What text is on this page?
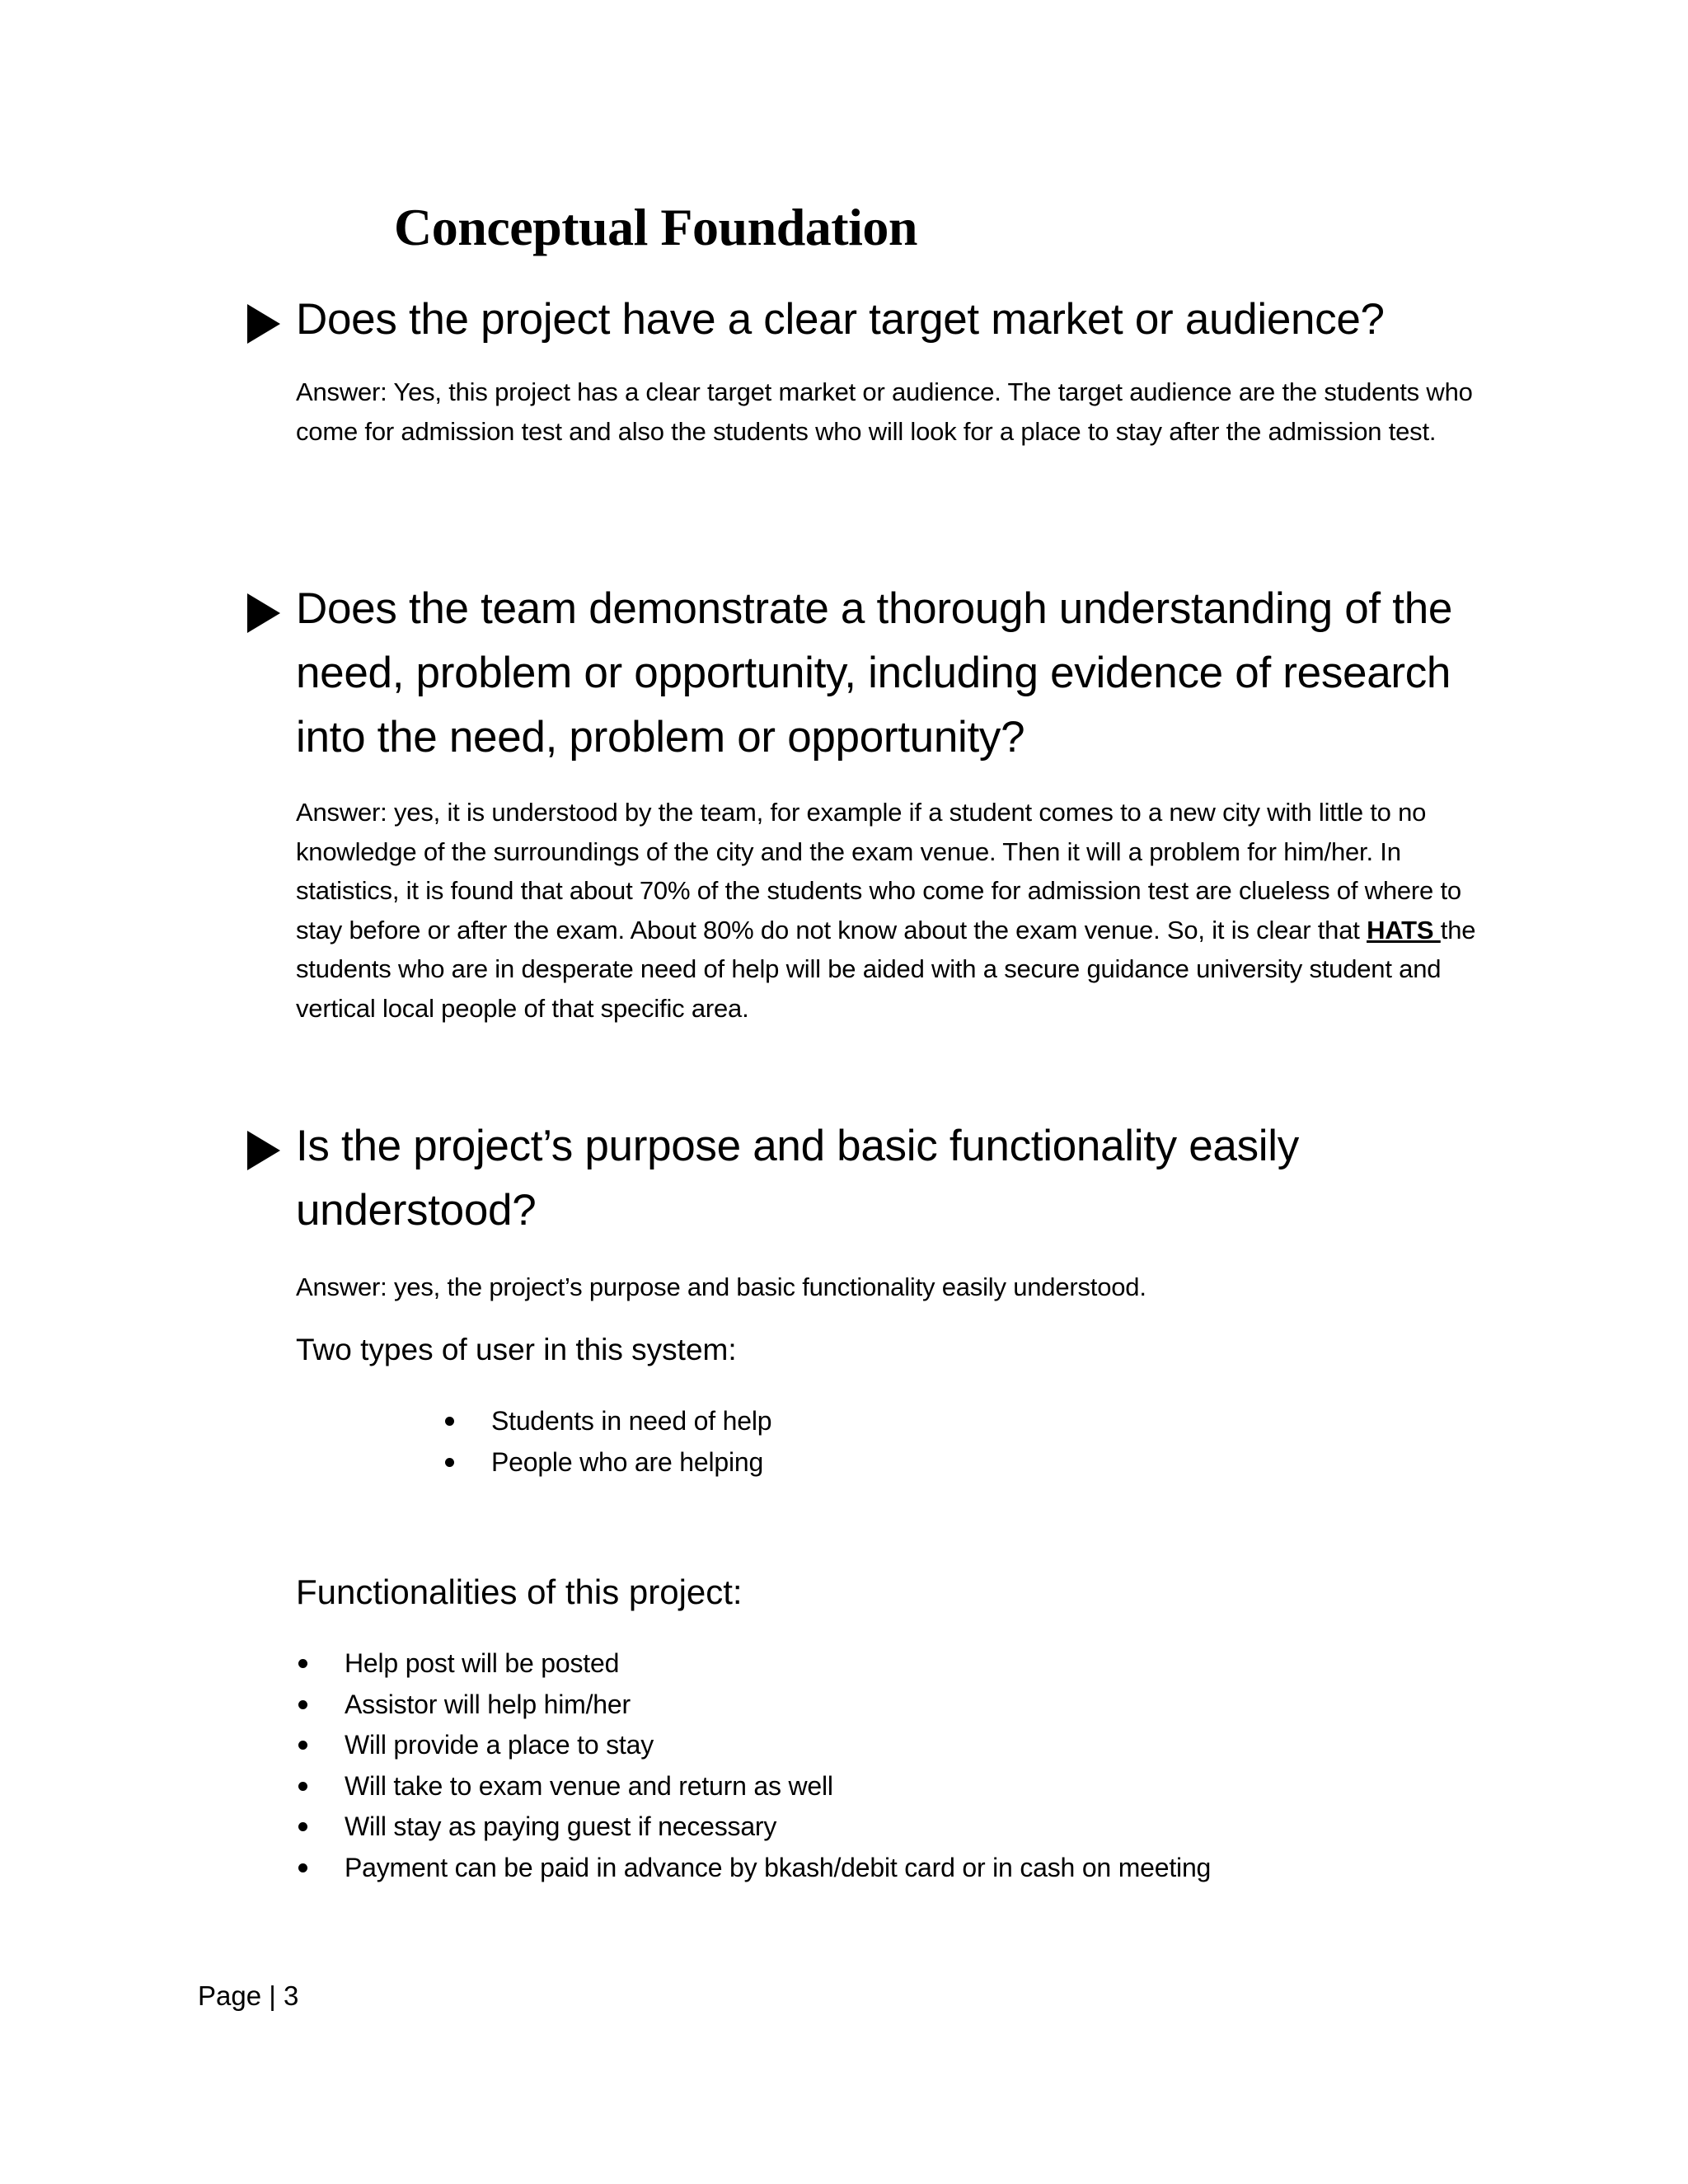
Conceptual Foundation
Does the project have a clear target market or audience?
Answer: Yes, this project has a clear target market or audience. The target audience are the students who come for admission test and also the students who will look for a place to stay after the admission test.
Does the team demonstrate a thorough understanding of the need, problem or opportunity, including evidence of research into the need, problem or opportunity?
Answer: yes, it is understood by the team, for example if a student comes to a new city with little to no knowledge of the surroundings of the city and the exam venue. Then it will a problem for him/her. In statistics, it is found that about 70% of the students who come for admission test are clueless of where to stay before or after the exam. About 80% do not know about the exam venue. So, it is clear that HATS the students who are in desperate need of help will be aided with a secure guidance university student and vertical local people of that specific area.
Is the project’s purpose and basic functionality easily understood?
Answer: yes, the project’s purpose and basic functionality easily understood.
Two types of user in this system:
Students in need of help
People who are helping
Functionalities of this project:
Help post will be posted
Assistor will help him/her
Will provide a place to stay
Will take to exam venue and return as well
Will stay as paying guest if necessary
Payment can be paid in advance by bkash/debit card or in cash on meeting
Page | 3
